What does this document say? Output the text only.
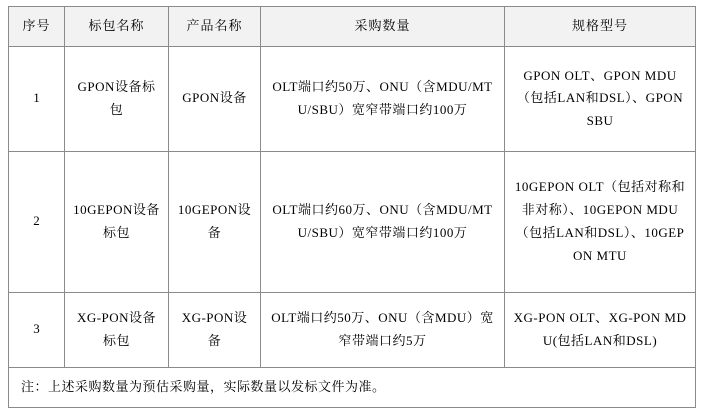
序号	标包名称	产品名称	采购数量	规格型号
1	GPON设备标包	GPON设备	OLT端口约50万、ONU（含MDU/MTU/SBU）宽窄带端口约100万	GPON OLT、GPON MDU（包括LAN和DSL）、GPON SBU
2	10GEPON设备标包	10GEPON设备	OLT端口约60万、ONU（含MDU/MTU/SBU）宽窄带端口约100万	10GEPON OLT（包括对称和非对称）、10GEPON MDU（包括LAN和DSL）、10GEPON MTU
3	XG-PON设备标包	XG-PON设备	OLT端口约50万、ONU（含MDU）宽窄带端口约5万	XG-PON OLT、XG-PON MDU(包括LAN和DSL)
注：上述采购数量为预估采购量，实际数量以发标文件为准。				
